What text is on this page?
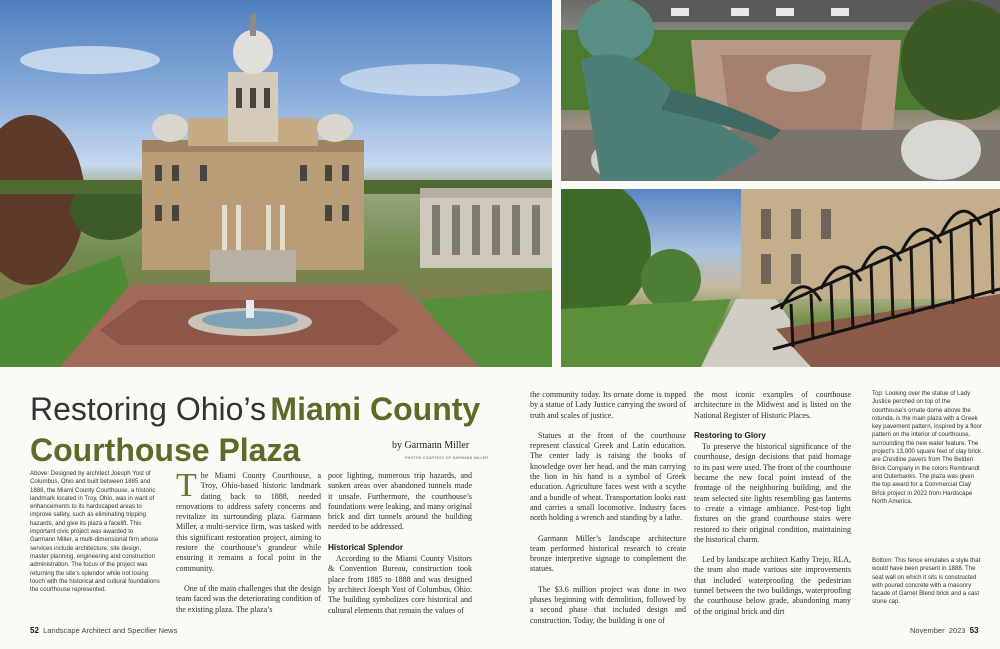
Restoring Ohio’s Miami County
Courthouse Plaza	by Garmann Miller
PHOTOS COURTESY OF GARMANN MILLER
Above: Designed by architect Joesph Yost of Columbus, Ohio and built between 1885 and 1888, the Miami County Courthouse, a historic landmark located in Troy, Ohio, was in want of enhancements to its hardscaped areas to improve safety, such as eliminating tripping hazards, and give its plaza a facelift. This important civic project was awarded to Garmann Miller, a multi-dimensional firm whose services include architecture, site design, master planning, engineering and construction administration. The focus of the project was returning the site’s splendor while not losing touch with the historical and cultural foundations the courthouse represented.

The Miami County Courthouse, a Troy, Ohio-based historic landmark dating back to 1888, needed renovations to address safety concerns and revitalize its surrounding plaza. Garmann Miller, a multi-service firm, was tasked with this significant restoration project, aiming to restore the courthouse’s grandeur while ensuring it remains a focal point in the community.

One of the main challenges that the design team faced was the deteriorating condition of the existing plaza. The plaza’s

poor lighting, numerous trip hazards, and sunken areas over abandoned tunnels made it unsafe. Furthermore, the courthouse’s foundations were leaking, and many original brick and dirt tunnels around the building needed to be addressed.

Historical Splendor

According to the Miami County Visitors & Convention Bureau, construction took place from 1885 to 1888 and was designed by architect Joesph Yost of Columbus, Ohio. The building symbolizes core historical and cultural elements that remain the values of

the community today. Its ornate dome is topped by a statue of Lady Justice carrying the sword of truth and scales of justice.

Statues at the front of the courthouse represent classical Greek and Latin education. The center lady is raising the books of knowledge over her head, and the man carrying the lion in his hand is a symbol of Greek education. Agriculture faces west with a scythe and a bundle of wheat. Transportation looks east and carries a small locomotive. Industry faces north holding a wrench and standing by a lathe.

Garmann Miller’s landscape architecture team performed historical research to create bronze interpretive signage to complement the statues.

The $3.6 million project was done in two phases beginning with demolition, followed by a second phase that included design and construction. Today, the building is one of

the most iconic examples of courthouse architecture in the Midwest and is listed on the National Register of Historic Places.

Restoring to Glory

To preserve the historical significance of the courthouse, design decisions that paid homage to its past were used. The front of the courthouse became the new focal point instead of the frontage of the neighboring building, and the team selected site lights resembling gas lanterns to create a vintage ambiance. Post-top light fixtures on the grand courthouse stairs were restored to their original condition, maintaining the historical charm.

Led by landscape architect Kathy Trejo, RLA, the team also made various site improvements that included waterproofing the pedestrian tunnel between the two buildings, waterproofing the courthouse below grade, abandoning many of the original brick and dirt

Top: Looking over the statue of Lady Justice perched on top of the courthouse’s ornate dome above the rotunda, is the main plaza with a Greek key pavement pattern, inspired by a floor pattern on the interior of courthouse, surrounding the new water feature. The project’s 13,000 square feet of clay brick are Crestline pavers from The Belden Brick Company in the colors Rembrandt and Outerbanks. The plaza was given the top award for a Commercial Clay Brick project in 2022 from Hardscape North America.
Bottom: This fence emulates a style that would have been present in 1888. The seat wall on which it sits is constructed with poured concrete with a masonry facade of Garnet Blend brick and a cast stone cap.
52 Landscape Architect and Specifier News	November 2023 53
